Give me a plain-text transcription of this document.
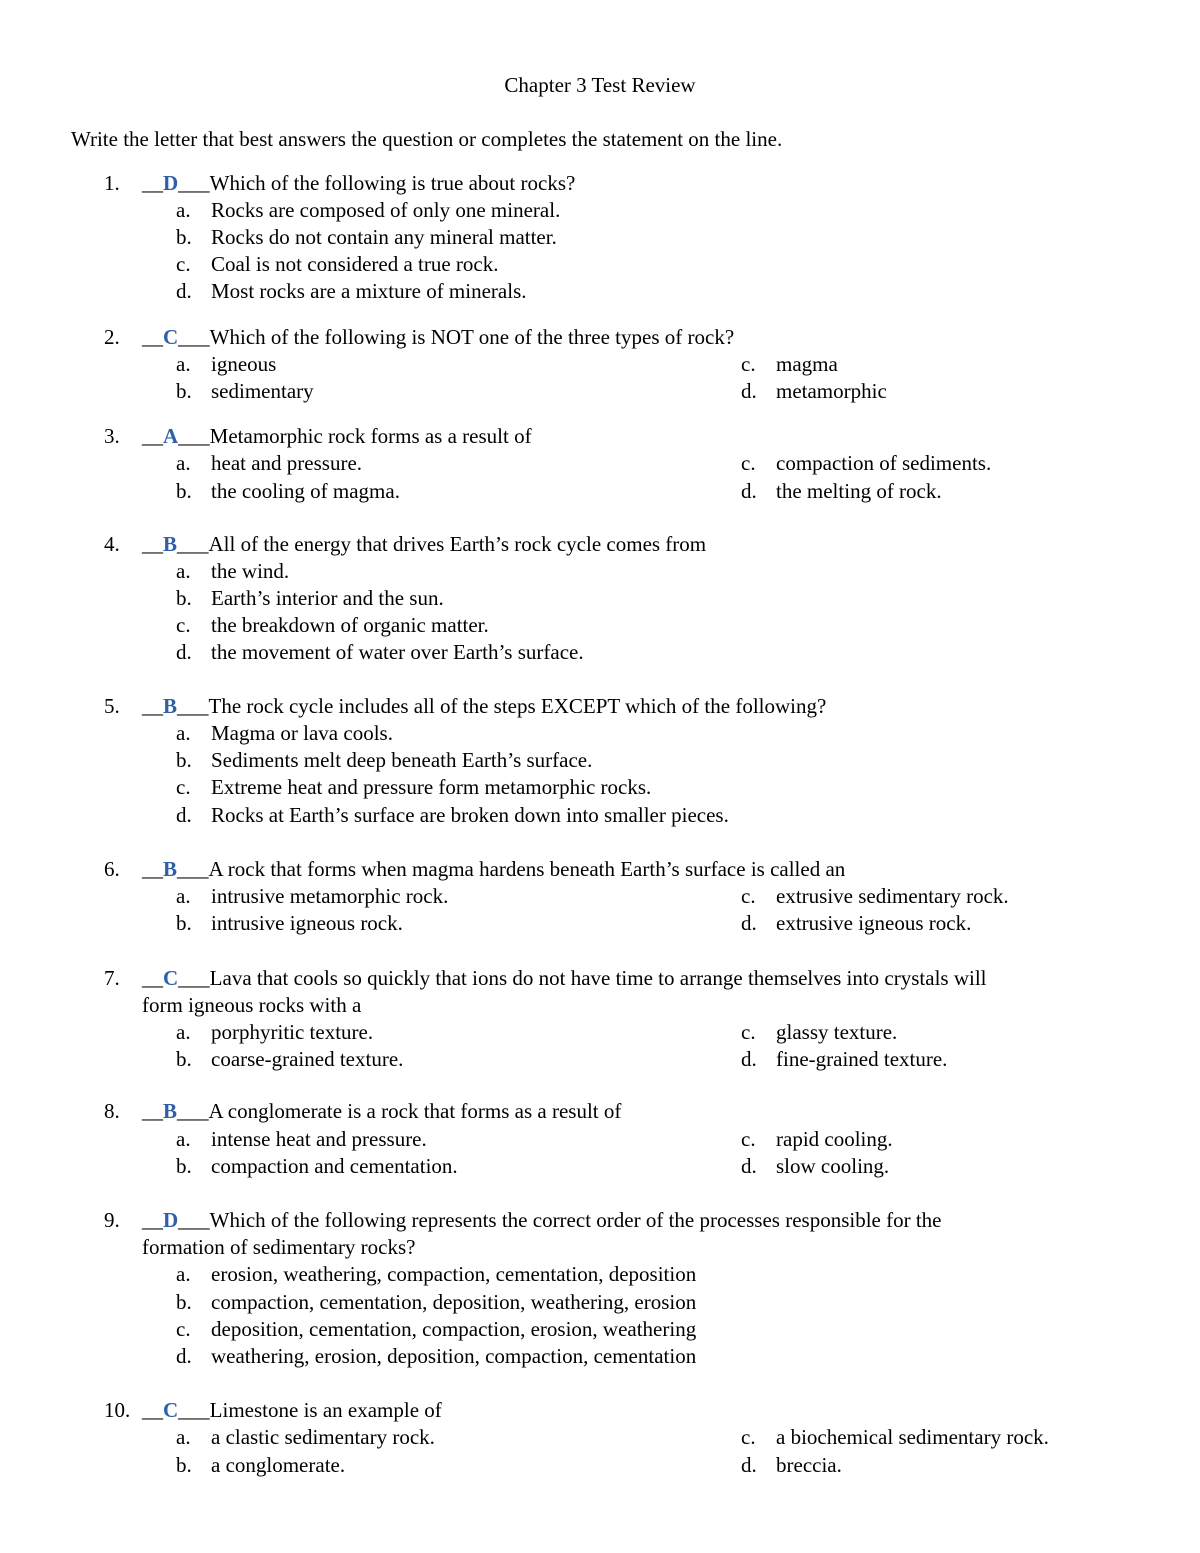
Chapter 3 Test Review
Write the letter that best answers the question or completes the statement on the line.
1.	__D___Which of the following is true about rocks?
a. Rocks are composed of only one mineral.
b. Rocks do not contain any mineral matter.
c. Coal is not considered a true rock.
d. Most rocks are a mixture of minerals.
2.	__C___Which of the following is NOT one of the three types of rock?
a. igneous
b. sedimentary
c. magma
d. metamorphic
3.	__A___Metamorphic rock forms as a result of
a. heat and pressure.
b. the cooling of magma.
c. compaction of sediments.
d. the melting of rock.
4.	__B___All of the energy that drives Earth’s rock cycle comes from
a. the wind.
b. Earth’s interior and the sun.
c. the breakdown of organic matter.
d. the movement of water over Earth’s surface.
5.	__B___The rock cycle includes all of the steps EXCEPT which of the following?
a. Magma or lava cools.
b. Sediments melt deep beneath Earth’s surface.
c. Extreme heat and pressure form metamorphic rocks.
d. Rocks at Earth’s surface are broken down into smaller pieces.
6.	__B___A rock that forms when magma hardens beneath Earth’s surface is called an
a. intrusive metamorphic rock.
b. intrusive igneous rock.
c. extrusive sedimentary rock.
d. extrusive igneous rock.
7.	__C___Lava that cools so quickly that ions do not have time to arrange themselves into crystals will
form igneous rocks with a
a. porphyritic texture.
b. coarse-grained texture.
c. glassy texture.
d. fine-grained texture.
8.	__B___A conglomerate is a rock that forms as a result of
a. intense heat and pressure.
b. compaction and cementation.
c. rapid cooling.
d. slow cooling.
9.	__D___Which of the following represents the correct order of the processes responsible for the
formation of sedimentary rocks?
a. erosion, weathering, compaction, cementation, deposition
b. compaction, cementation, deposition, weathering, erosion
c. deposition, cementation, compaction, erosion, weathering
d. weathering, erosion, deposition, compaction, cementation
10. __C___Limestone is an example of
a. a clastic sedimentary rock.
b. a conglomerate.
c. a biochemical sedimentary rock.
d. breccia.
